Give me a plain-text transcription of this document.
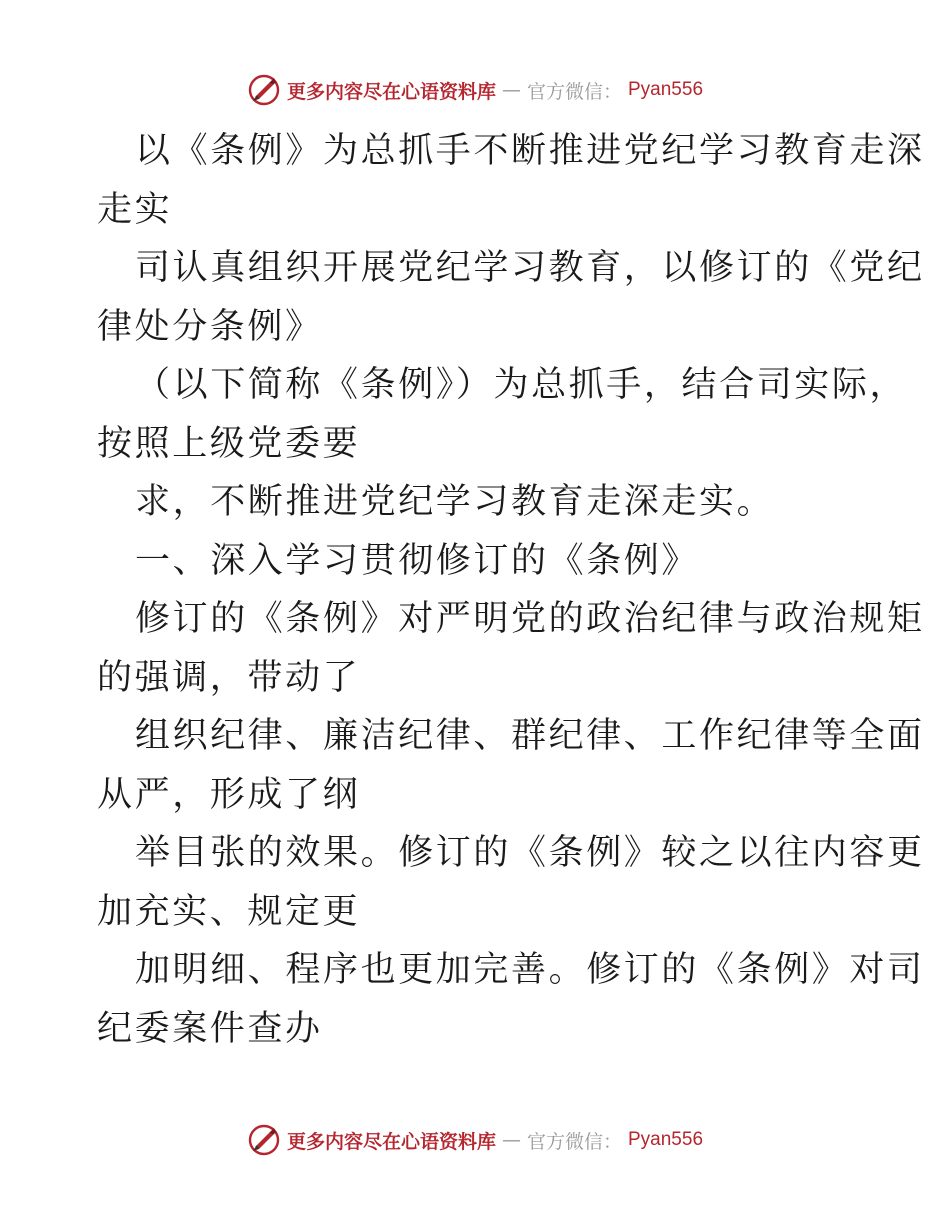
更多内容尽在心语资料库 — 官方微信： Pyan556
以《条例》为总抓手不断推进党纪学习教育走深
走实
司认真组织开展党纪学习教育，以修订的《党纪
律处分条例》
（以下简称《条例》）为总抓手，结合司实际，
按照上级党委要
求，不断推进党纪学习教育走深走实。
一、深入学习贯彻修订的《条例》
修订的《条例》对严明党的政治纪律与政治规矩
的强调，带动了
组织纪律、廉洁纪律、群纪律、工作纪律等全面
从严，形成了纲
举目张的效果。修订的《条例》较之以往内容更
加充实、规定更
加明细、程序也更加完善。修订的《条例》对司
纪委案件查办
更多内容尽在心语资料库 — 官方微信： Pyan556
